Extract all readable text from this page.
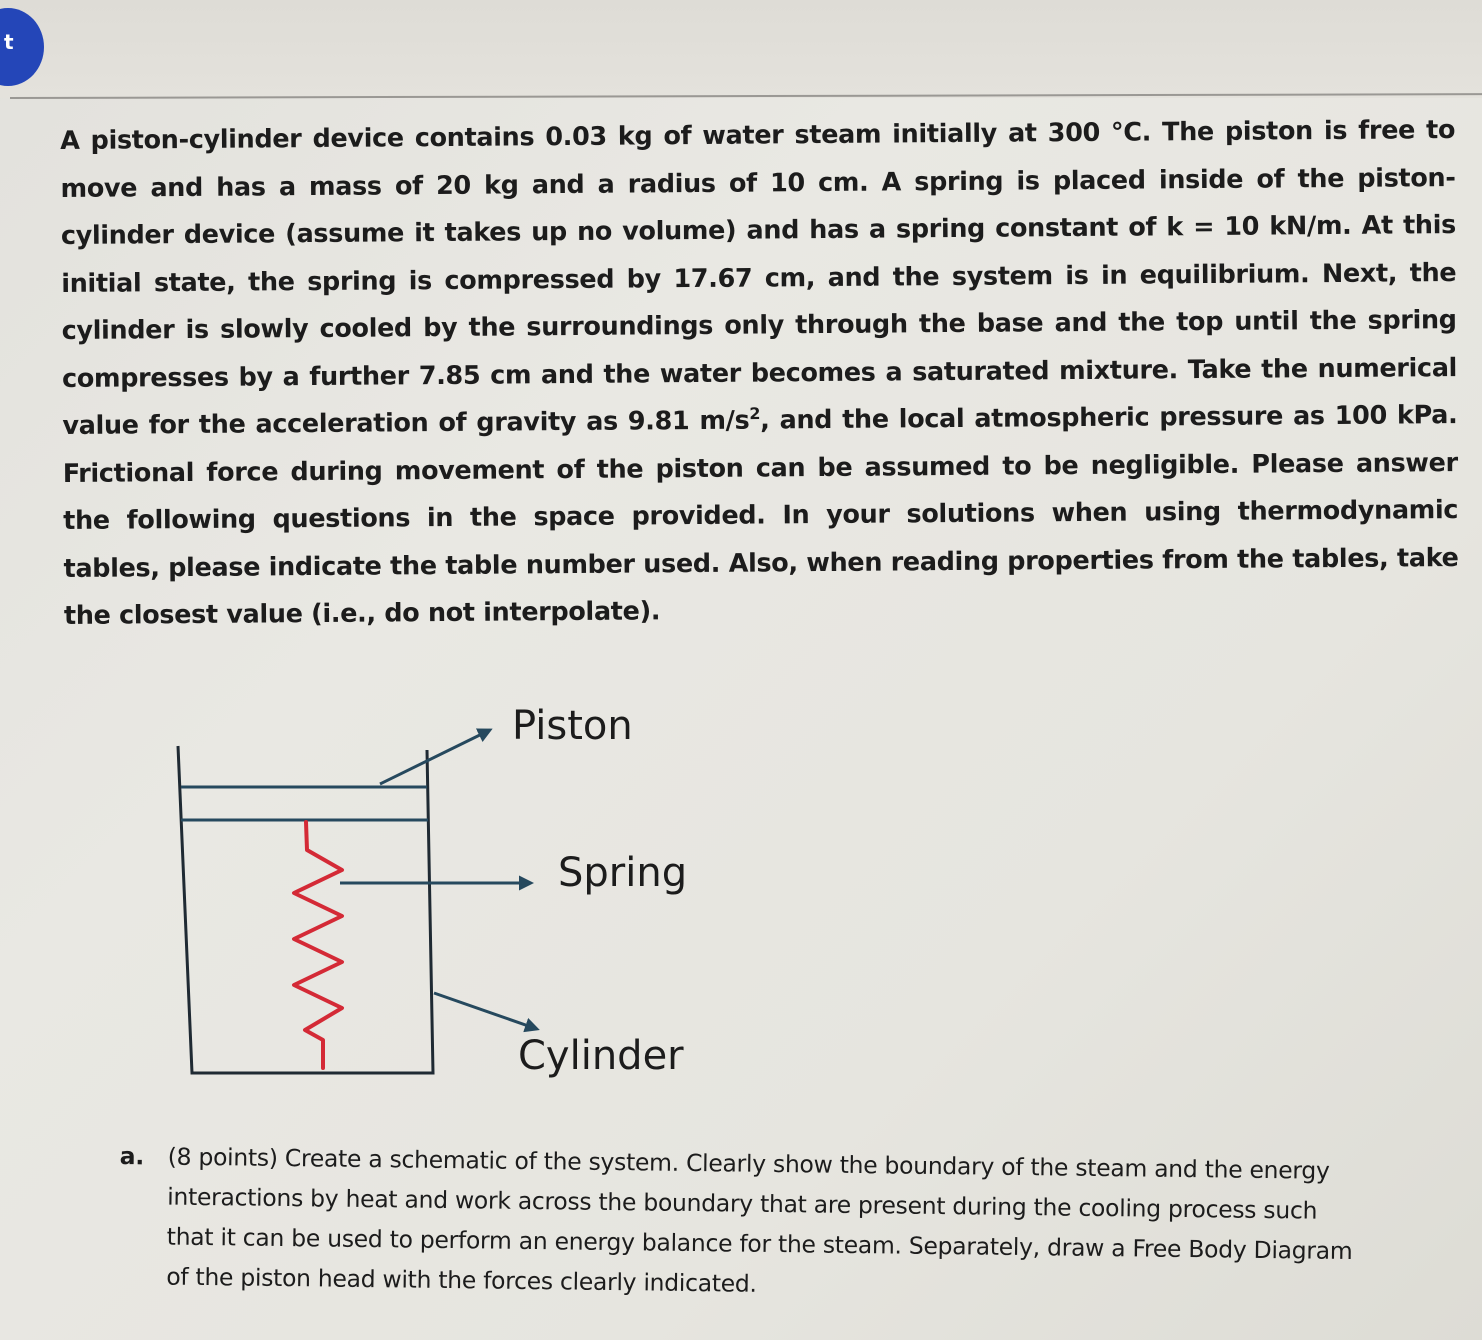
t

A piston-cylinder device contains 0.03 kg of water steam initially at 300 °C. The piston is free to move and has a mass of 20 kg and a radius of 10 cm. A spring is placed inside of the piston-cylinder device (assume it takes up no volume) and has a spring constant of k = 10 kN/m. At this initial state, the spring is compressed by 17.67 cm, and the system is in equilibrium. Next, the cylinder is slowly cooled by the surroundings only through the base and the top until the spring compresses by a further 7.85 cm and the water becomes a saturated mixture. Take the numerical value for the acceleration of gravity as 9.81 $m/s^2$, and the local atmospheric pressure as 100 kPa. Frictional force during movement of the piston can be assumed to be negligible. Please answer the following questions in the space provided. In your solutions when using thermodynamic tables, please indicate the table number used. Also, when reading properties from the tables, take the closest value (i.e., do not interpolate).

Piston

Spring

Cylinder

a. (8 points) Create a schematic of the system. Clearly show the boundary of the steam and the energy interactions by heat and work across the boundary that are present during the cooling process such that it can be used to perform an energy balance for the steam. Separately, draw a Free Body Diagram of the piston head with the forces clearly indicated.
